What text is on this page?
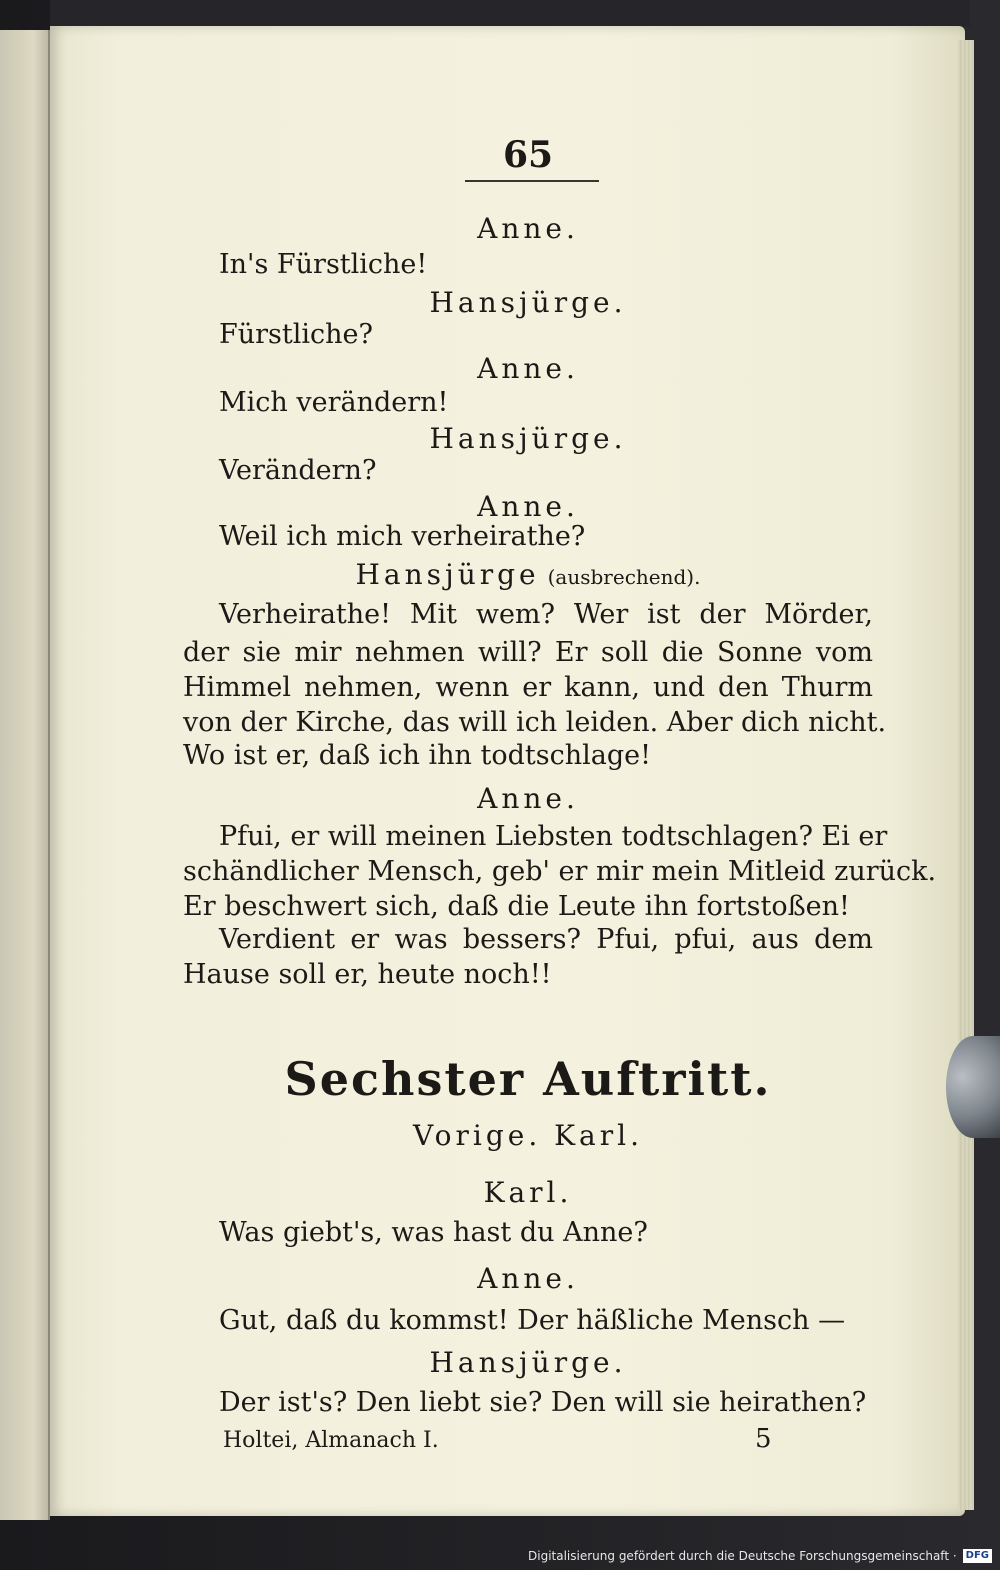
65
Anne.
In's Fürstliche!
Hansjürge.
Fürstliche?
Anne.
Mich verändern!
Hansjürge.
Verändern?
Anne.
Weil ich mich verheirathe?
Hansjürge (ausbrechend).
Verheirathe! Mit wem? Wer ist der Mörder,
der sie mir nehmen will? Er soll die Sonne vom
Himmel nehmen, wenn er kann, und den Thurm
von der Kirche, das will ich leiden. Aber dich nicht.
Wo ist er, daß ich ihn todtschlage!
Anne.
Pfui, er will meinen Liebsten todtschlagen? Ei er
schändlicher Mensch, geb' er mir mein Mitleid zurück.
Er beschwert sich, daß die Leute ihn fortstoßen!
Verdient er was bessers? Pfui, pfui, aus dem
Hause soll er, heute noch!!
Sechster Auftritt.
Vorige. Karl.
Karl.
Was giebt's, was hast du Anne?
Anne.
Gut, daß du kommst! Der häßliche Mensch —
Hansjürge.
Der ist's? Den liebt sie? Den will sie heirathen?
Holtei, Almanach I.	5
Digitalisierung gefördert durch die Deutsche Forschungsgemeinschaft · DFG
